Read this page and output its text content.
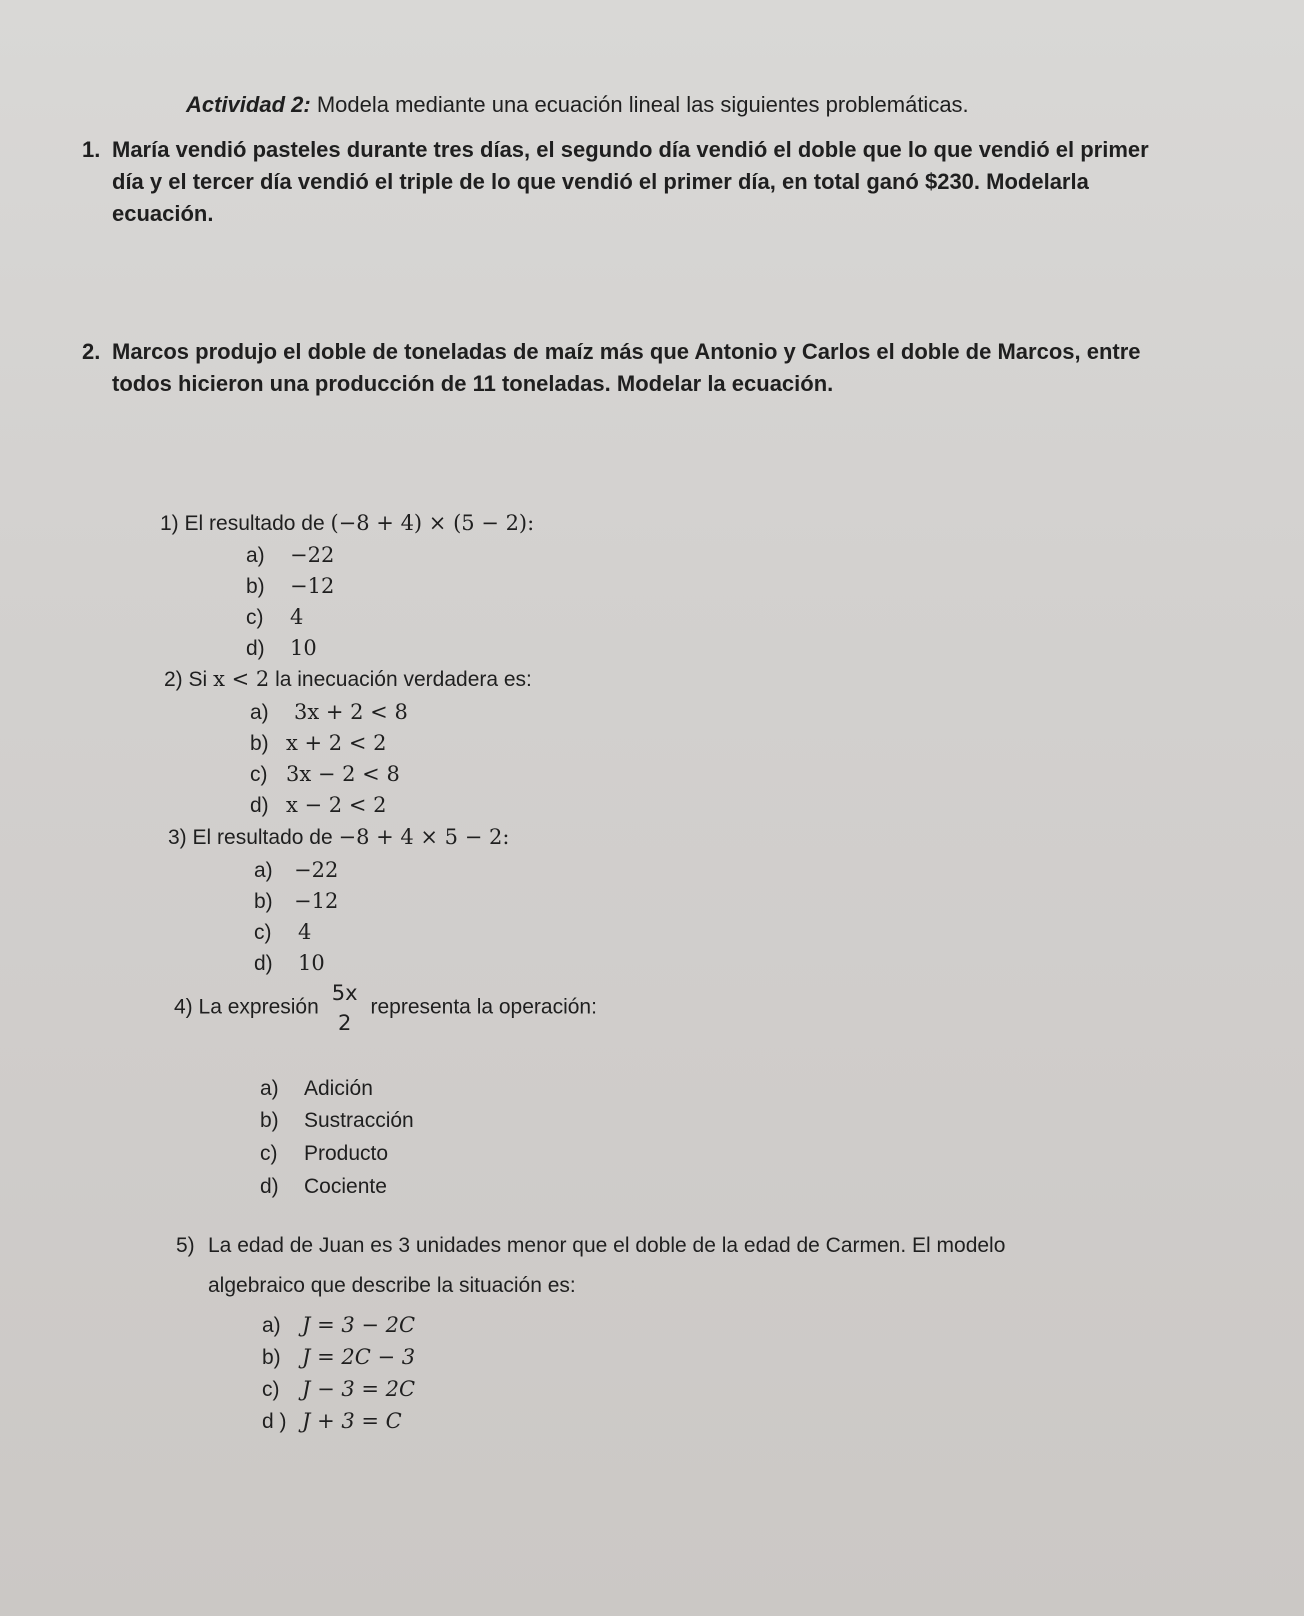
Actividad 2: Modela mediante una ecuación lineal las siguientes problemáticas.
1. María vendió pasteles durante tres días, el segundo día vendió el doble que lo que vendió el primer
día y el tercer día vendió el triple de lo que vendió el primer día, en total ganó $230. Modelarla
ecuación.
2. Marcos produjo el doble de toneladas de maíz más que Antonio y Carlos el doble de Marcos, entre
todos hicieron una producción de 11 toneladas. Modelar la ecuación.
1) El resultado de (−8 + 4) × (5 − 2):
a) −22
b) −12
c) 4
d) 10
2) Si x < 2 la inecuación verdadera es:
a) 3x + 2 < 8
b) x + 2 < 2
c) 3x − 2 < 8
d) x − 2 < 2
3) El resultado de −8 + 4 × 5 − 2:
a) −22
b) −12
c) 4
d) 10
4) La expresión
5x
2
representa la operación:
a) Adición
b) Sustracción
c) Producto
d) Cociente
5) La edad de Juan es 3 unidades menor que el doble de la edad de Carmen. El modelo
algebraico que describe la situación es:
a) J = 3 − 2C
b) J = 2C − 3
c) J − 3 = 2C
d ) J + 3 = C
